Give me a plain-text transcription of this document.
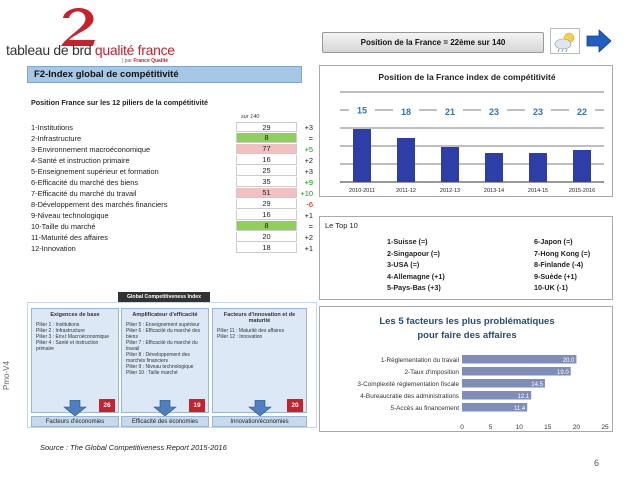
tableau de brd qualité france
| par France Qualité
Position de la France = 22ème sur 140
F2-Index global de compétitivité
Position France sur les 12 piliers de la compétitivité
sur 140
1-Institutions	29	+3
2-Infrastructure	8	=
3-Environnement macroéconomique	77	+5
4-Santé et instruction primaire	16	+2
5-Enseignement supérieur et formation	25	+3
6-Efficacité du marché des biens	35	+9
7-Efficacité du marché du travail	51	+10
8-Développement des marchés financiers	29	-6
9-Niveau technologique	16	+1
10-Taille du marché	8	=
11-Maturité des affaires	20	+2
12-Innovation	18	+1
Position de la France index de compétitivité
15
2010-2011
18
2011-12
21
2012-13
23
2013-14
23
2014-15
22
2015-2016
Le Top 10
1-Suisse (=)
2-Singapour (=)
3-USA (=)
4-Allemagne (+1)
5-Pays-Bas (+3)
6-Japon (=)
7-Hong Kong (=)
8-Finlande (-4)
9-Suède (+1)
10-UK (-1)
Global Competitiveness Index
Exigences de base
Pilier 1 : Institutions
Pilier 2 : Infrastructure
Pilier 3 : Env.t Macroéconomique
Pilier 4 : Santé et instruction primaire
26
Facteurs d'économies
Amplificateur d'efficacité
Pilier 5 : Enseignement supérieur
Pilier 6 : Efficacité du marché des biens
Pilier 7 : Efficacité du marché du travail
Pilier 8 : Développement des marchés financiers
Pilier 9 : Niveau technologique
Pilier 10 : Taille marché
19
Efficacité des économies
Facteurs d'innovation et de maturité
Pilier 11 : Maturité des affaires
Pilier 12 : Innovation
20
Innovation/économies
Pmo-V4
Les 5 facteurs les plus problématiques
pour faire des affaires
20.0
1-Réglementation du travail
19.0
2-Taux d'imposition
14.5
3-Complexité réglementation fiscale
12.1
4-Bureaucratie des administrations
11.4
5-Accès au financement
0	5	10	15	20	25
Source : The Global Competitiveness Report 2015-2016
6
